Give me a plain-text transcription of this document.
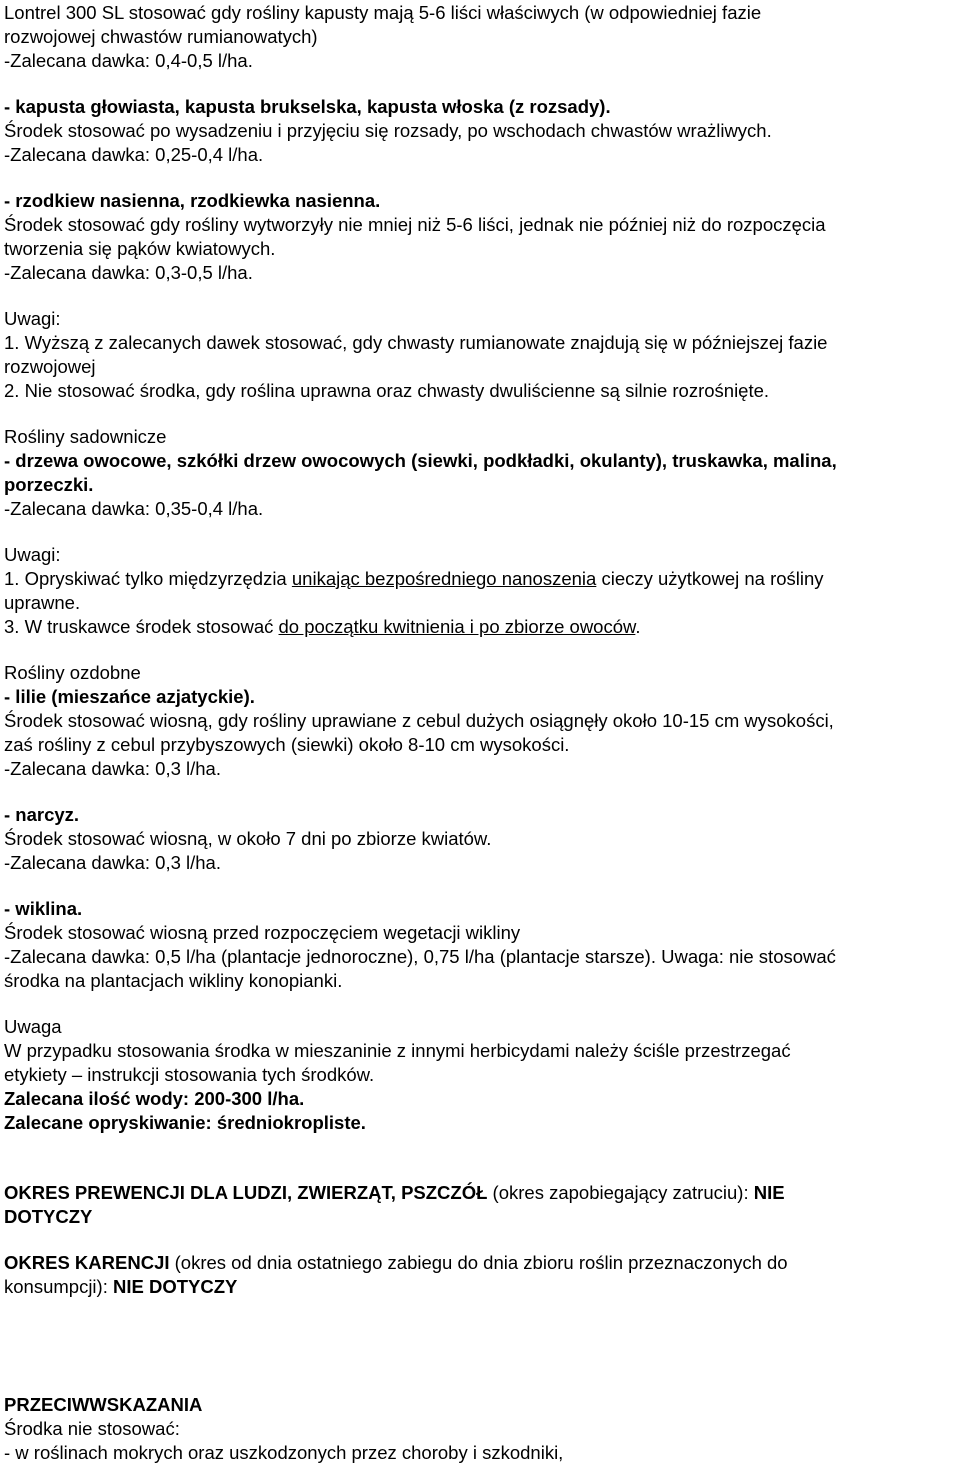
Lontrel 300 SL stosować gdy rośliny kapusty mają 5-6 liści właściwych (w odpowiedniej fazie
rozwojowej chwastów rumianowatych)
-Zalecana dawka: 0,4-0,5 l/ha.
- kapusta głowiasta, kapusta brukselska, kapusta włoska (z rozsady).
Środek stosować po wysadzeniu i przyjęciu się rozsady, po wschodach chwastów wrażliwych.
-Zalecana dawka: 0,25-0,4 l/ha.
- rzodkiew nasienna, rzodkiewka nasienna.
Środek stosować gdy rośliny wytworzyły nie mniej niż 5-6 liści, jednak nie później niż do rozpoczęcia
tworzenia się pąków kwiatowych.
-Zalecana dawka: 0,3-0,5 l/ha.
Uwagi:
1. Wyższą z zalecanych dawek stosować, gdy chwasty rumianowate znajdują się w późniejszej fazie
rozwojowej
2. Nie stosować środka, gdy roślina uprawna oraz chwasty dwuliścienne są silnie rozrośnięte.
Rośliny sadownicze
- drzewa owocowe, szkółki drzew owocowych (siewki, podkładki, okulanty), truskawka, malina,
porzeczki.
-Zalecana dawka: 0,35-0,4 l/ha.
Uwagi:
1. Opryskiwać tylko międzyrzędzia unikając bezpośredniego nanoszenia cieczy użytkowej na rośliny
uprawne.
3. W truskawce środek stosować do początku kwitnienia i po zbiorze owoców.
Rośliny ozdobne
- lilie (mieszańce azjatyckie).
Środek stosować wiosną, gdy rośliny uprawiane z cebul dużych osiągnęły około 10-15 cm wysokości,
zaś rośliny z cebul przybyszowych (siewki) około 8-10 cm wysokości.
-Zalecana dawka: 0,3 l/ha.
- narcyz.
Środek stosować wiosną, w około 7 dni po zbiorze kwiatów.
-Zalecana dawka: 0,3 l/ha.
- wiklina.
Środek stosować wiosną przed rozpoczęciem wegetacji wikliny
-Zalecana dawka: 0,5 l/ha (plantacje jednoroczne), 0,75 l/ha (plantacje starsze). Uwaga: nie stosować
środka na plantacjach wikliny konopianki.
Uwaga
W przypadku stosowania środka w mieszaninie z innymi herbicydami należy ściśle przestrzegać
etykiety – instrukcji stosowania tych środków.
Zalecana ilość wody: 200-300 l/ha.
Zalecane opryskiwanie: średniokropliste.
OKRES PREWENCJI DLA LUDZI, ZWIERZĄT, PSZCZÓŁ (okres zapobiegający zatruciu): NIE
DOTYCZY
OKRES KARENCJI (okres od dnia ostatniego zabiegu do dnia zbioru roślin przeznaczonych do
konsumpcji): NIE DOTYCZY
PRZECIWWSKAZANIA
Środka nie stosować:
- w roślinach mokrych oraz uszkodzonych przez choroby i szkodniki,
